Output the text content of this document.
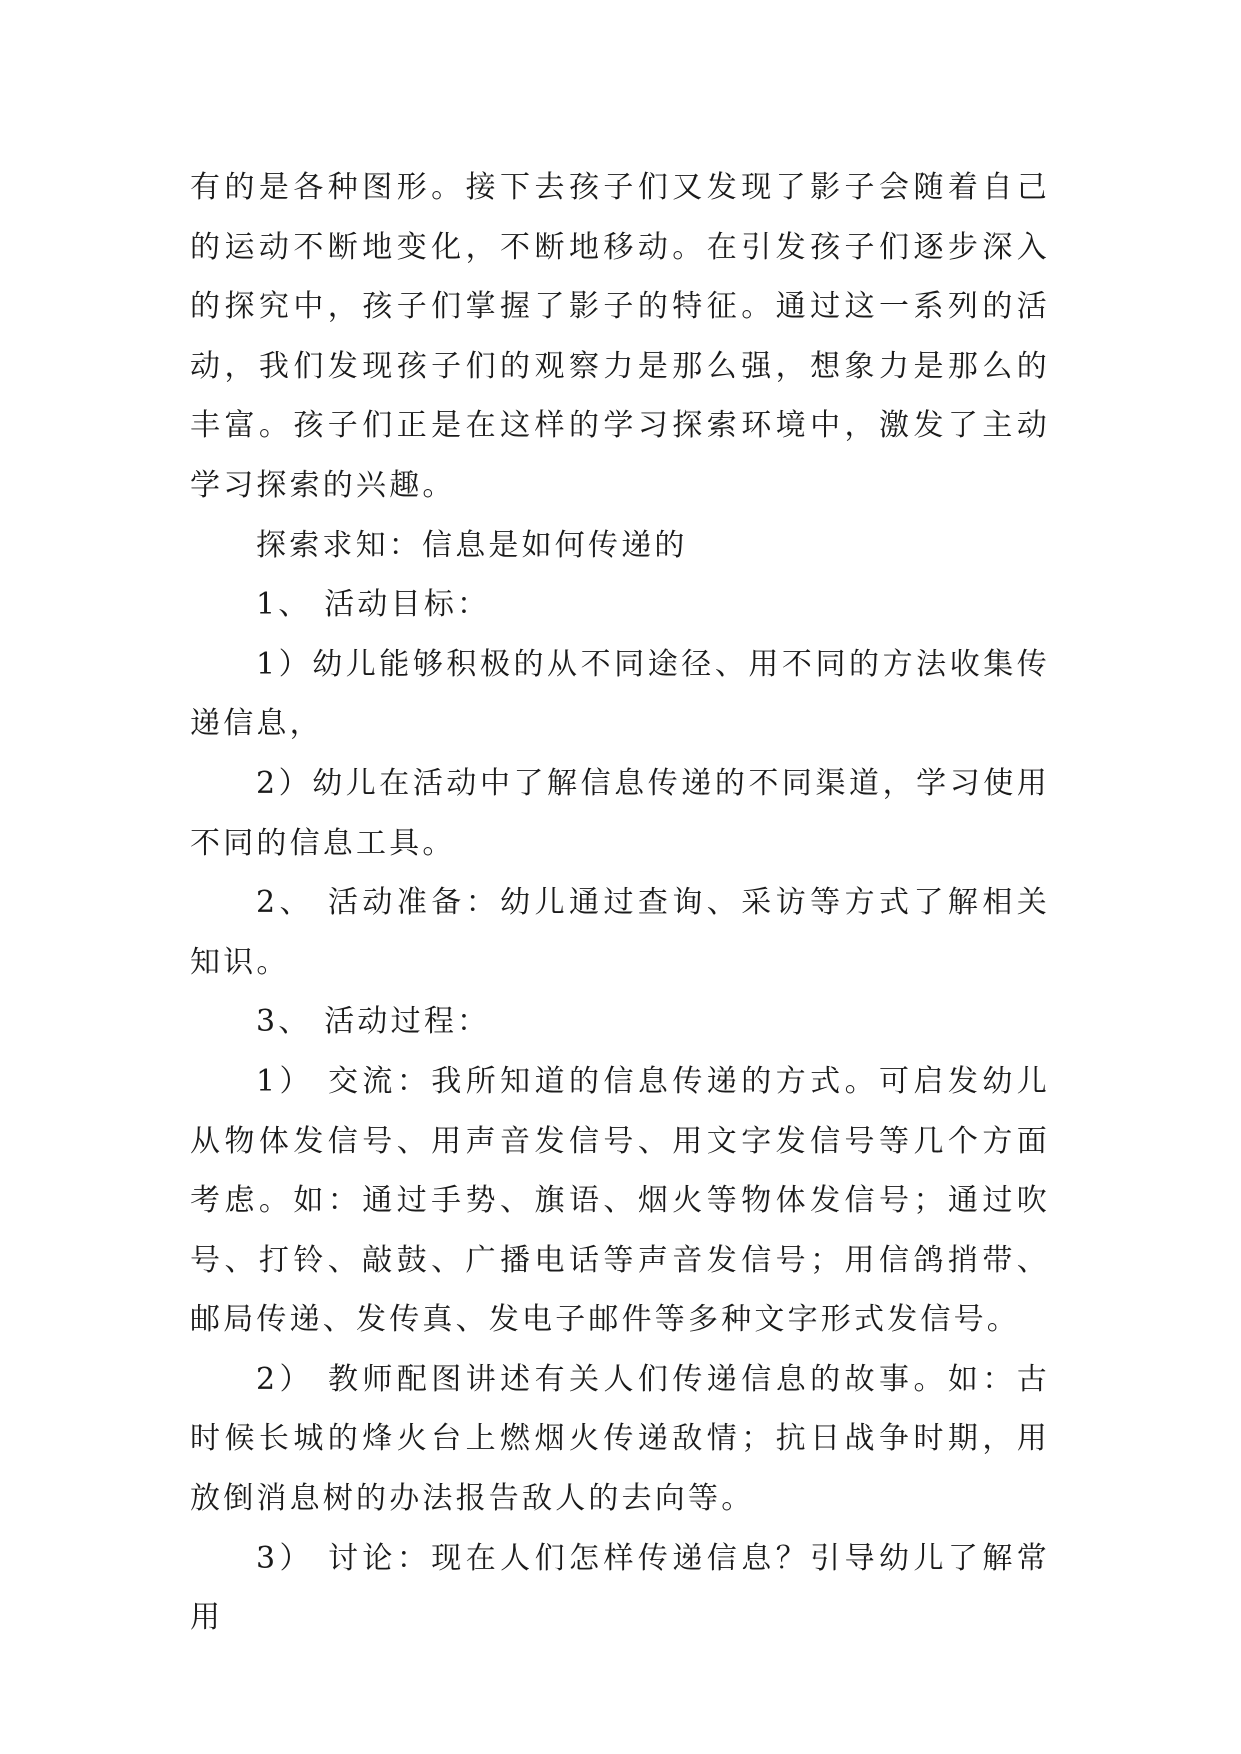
有的是各种图形。接下去孩子们又发现了影子会随着自己的运动不断地变化，不断地移动。在引发孩子们逐步深入的探究中，孩子们掌握了影子的特征。通过这一系列的活动，我们发现孩子们的观察力是那么强，想象力是那么的丰富。孩子们正是在这样的学习探索环境中，激发了主动学习探索的兴趣。

探索求知：信息是如何传递的

1、 活动目标：

1）幼儿能够积极的从不同途径、用不同的方法收集传递信息，

2）幼儿在活动中了解信息传递的不同渠道，学习使用不同的信息工具。

2、 活动准备：幼儿通过查询、采访等方式了解相关知识。

3、 活动过程：

1） 交流：我所知道的信息传递的方式。可启发幼儿从物体发信号、用声音发信号、用文字发信号等几个方面考虑。如：通过手势、旗语、烟火等物体发信号；通过吹号、打铃、敲鼓、广播电话等声音发信号；用信鸽捎带、邮局传递、发传真、发电子邮件等多种文字形式发信号。

2） 教师配图讲述有关人们传递信息的故事。如：古时候长城的烽火台上燃烟火传递敌情；抗日战争时期，用放倒消息树的办法报告敌人的去向等。

3） 讨论：现在人们怎样传递信息？引导幼儿了解常用
